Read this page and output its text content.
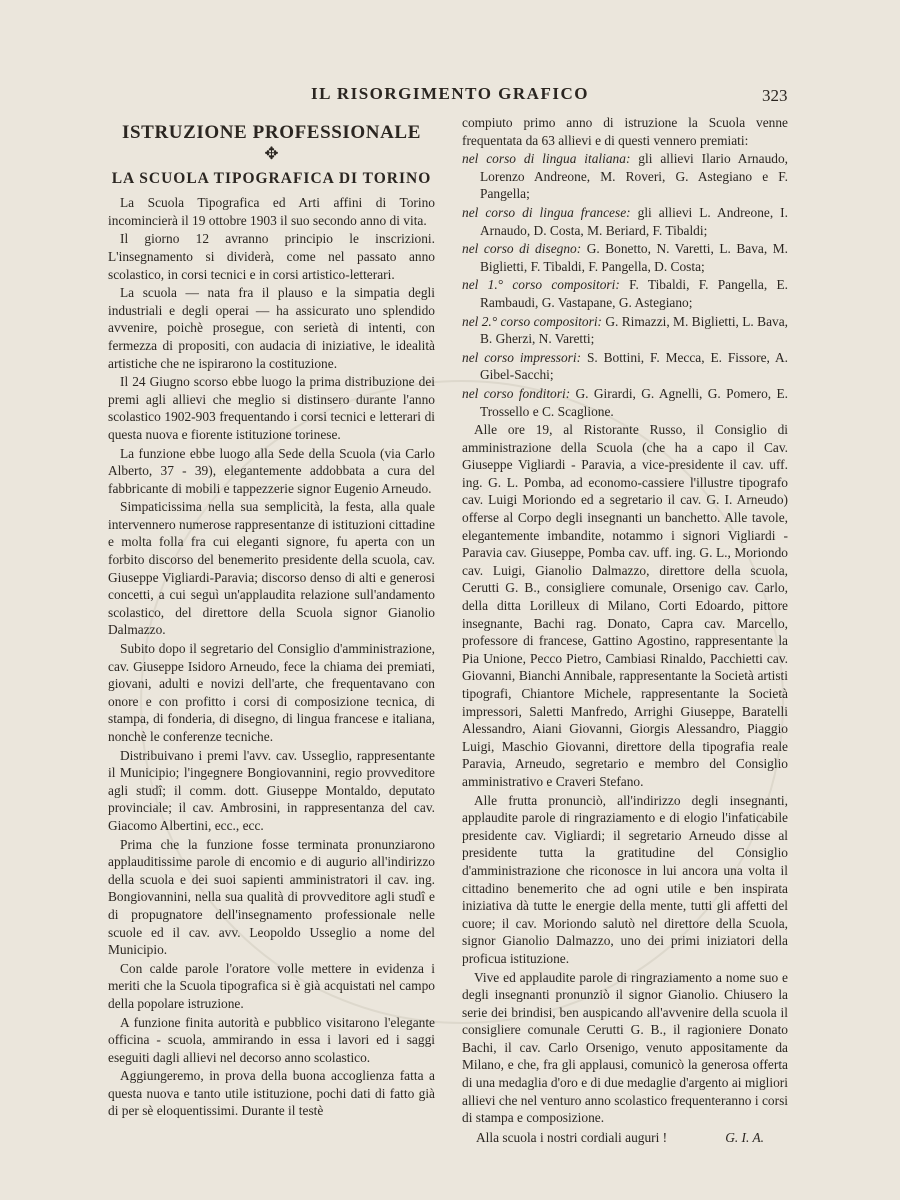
IL RISORGIMENTO GRAFICO	323
ISTRUZIONE PROFESSIONALE
✥
LA SCUOLA TIPOGRAFICA DI TORINO

La Scuola Tipografica ed Arti affini di Torino incomincierà il 19 ottobre 1903 il suo secondo anno di vita.

Il giorno 12 avranno principio le inscrizioni. L'insegnamento si dividerà, come nel passato anno scolastico, in corsi tecnici e in corsi artistico-letterari.

La scuola — nata fra il plauso e la simpatia degli industriali e degli operai — ha assicurato uno splendido avvenire, poichè prosegue, con serietà di intenti, con fermezza di propositi, con audacia di iniziative, le idealità artistiche che ne ispirarono la costituzione.

Il 24 Giugno scorso ebbe luogo la prima distribuzione dei premi agli allievi che meglio si distinsero durante l'anno scolastico 1902-903 frequentando i corsi tecnici e letterari di questa nuova e fiorente istituzione torinese.

La funzione ebbe luogo alla Sede della Scuola (via Carlo Alberto, 37 - 39), elegantemente addobbata a cura del fabbricante di mobili e tappezzerie signor Eugenio Arneudo.

Simpaticissima nella sua semplicità, la festa, alla quale intervennero numerose rappresentanze di istituzioni cittadine e molta folla fra cui eleganti signore, fu aperta con un forbito discorso del benemerito presidente della scuola, cav. Giuseppe Vigliardi-Paravia; discorso denso di alti e generosi concetti, a cui seguì un'applaudita relazione sull'andamento scolastico, del direttore della Scuola signor Gianolio Dalmazzo.

Subito dopo il segretario del Consiglio d'amministrazione, cav. Giuseppe Isidoro Arneudo, fece la chiama dei premiati, giovani, adulti e novizi dell'arte, che frequentavano con onore e con profitto i corsi di composizione tecnica, di stampa, di fonderia, di disegno, di lingua francese e italiana, nonchè le conferenze tecniche.

Distribuivano i premi l'avv. cav. Usseglio, rappresentante il Municipio; l'ingegnere Bongiovannini, regio provveditore agli studî; il comm. dott. Giuseppe Montaldo, deputato provinciale; il cav. Ambrosini, in rappresentanza del cav. Giacomo Albertini, ecc., ecc.

Prima che la funzione fosse terminata pronunziarono applauditissime parole di encomio e di augurio all'indirizzo della scuola e dei suoi sapienti amministratori il cav. ing. Bongiovannini, nella sua qualità di provveditore agli studî e di propugnatore dell'insegnamento professionale nelle scuole ed il cav. avv. Leopoldo Usseglio a nome del Municipio.

Con calde parole l'oratore volle mettere in evidenza i meriti che la Scuola tipografica si è già acquistati nel campo della popolare istruzione.

A funzione finita autorità e pubblico visitarono l'elegante officina - scuola, ammirando in essa i lavori ed i saggi eseguiti dagli allievi nel decorso anno scolastico.

Aggiungeremo, in prova della buona accoglienza fatta a questa nuova e tanto utile istituzione, pochi dati di fatto già di per sè eloquentissimi. Durante il testè

compiuto primo anno di istruzione la Scuola venne frequentata da 63 allievi e di questi vennero premiati:

nel corso di lingua italiana: gli allievi Ilario Arnaudo, Lorenzo Andreone, M. Roveri, G. Astegiano e F. Pangella;
nel corso di lingua francese: gli allievi L. Andreone, I. Arnaudo, D. Costa, M. Beriard, F. Tibaldi;
nel corso di disegno: G. Bonetto, N. Varetti, L. Bava, M. Biglietti, F. Tibaldi, F. Pangella, D. Costa;
nel 1.° corso compositori: F. Tibaldi, F. Pangella, E. Rambaudi, G. Vastapane, G. Astegiano;
nel 2.° corso compositori: G. Rimazzi, M. Biglietti, L. Bava, B. Gherzi, N. Varetti;
nel corso impressori: S. Bottini, F. Mecca, E. Fissore, A. Gibel-Sacchi;
nel corso fonditori: G. Girardi, G. Agnelli, G. Pomero, E. Trossello e C. Scaglione.

Alle ore 19, al Ristorante Russo, il Consiglio di amministrazione della Scuola (che ha a capo il Cav. Giuseppe Vigliardi - Paravia, a vice-presidente il cav. uff. ing. G. L. Pomba, ad economo-cassiere l'illustre tipografo cav. Luigi Moriondo ed a segretario il cav. G. I. Arneudo) offerse al Corpo degli insegnanti un banchetto. Alle tavole, elegantemente imbandite, notammo i signori Vigliardi - Paravia cav. Giuseppe, Pomba cav. uff. ing. G. L., Moriondo cav. Luigi, Gianolio Dalmazzo, direttore della scuola, Cerutti G. B., consigliere comunale, Orsenigo cav. Carlo, della ditta Lorilleux di Milano, Corti Edoardo, pittore insegnante, Bachi rag. Donato, Capra cav. Marcello, professore di francese, Gattino Agostino, rappresentante la Pia Unione, Pecco Pietro, Cambiasi Rinaldo, Pacchietti cav. Giovanni, Bianchi Annibale, rappresentante la Società artisti tipografi, Chiantore Michele, rappresentante la Società impressori, Saletti Manfredo, Arrighi Giuseppe, Baratelli Alessandro, Aiani Giovanni, Giorgis Alessandro, Piaggio Luigi, Maschio Giovanni, direttore della tipografia reale Paravia, Arneudo, segretario e membro del Consiglio amministrativo e Craveri Stefano.

Alle frutta pronunciò, all'indirizzo degli insegnanti, applaudite parole di ringraziamento e di elogio l'infaticabile presidente cav. Vigliardi; il segretario Arneudo disse al presidente tutta la gratitudine del Consiglio d'amministrazione che riconosce in lui ancora una volta il cittadino benemerito che ad ogni utile e ben inspirata iniziativa dà tutte le energie della mente, tutti gli affetti del cuore; il cav. Moriondo salutò nel direttore della Scuola, signor Gianolio Dalmazzo, uno dei primi iniziatori della proficua istituzione.

Vive ed applaudite parole di ringraziamento a nome suo e degli insegnanti pronunziò il signor Gianolio. Chiusero la serie dei brindisi, ben auspicando all'avvenire della scuola il consigliere comunale Cerutti G. B., il ragioniere Donato Bachi, il cav. Carlo Orsenigo, venuto appositamente da Milano, e che, fra gli applausi, comunicò la generosa offerta di una medaglia d'oro e di due medaglie d'argento ai migliori allievi che nel venturo anno scolastico frequenteranno i corsi di stampa e composizione.

Alla scuola i nostri cordiali auguri !	G. I. A.
